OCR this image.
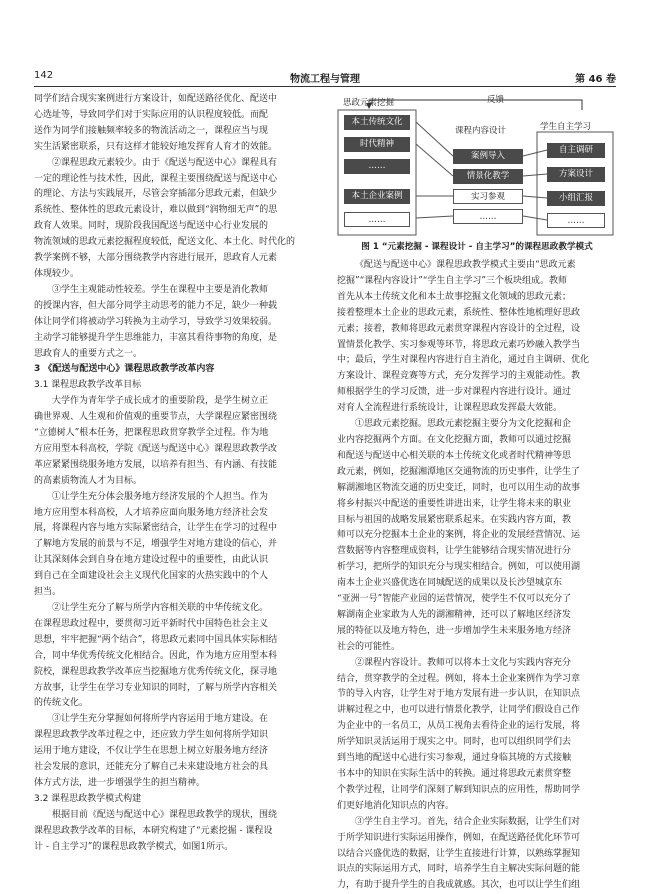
142	物流工程与管理	第 46 卷

同学们结合现实案例进行方案设计，如配送路径优化、配送中

心选址等，导致同学们对于实际应用的认识程度较低。而配

送作为同学们接触频率较多的物流活动之一，课程应当与现

实生活紧密联系，只有这样才能较好地发挥育人育才的效能。

②课程思政元素较少。由于《配送与配送中心》课程具有

一定的理论性与技术性，因此，课程主要围绕配送与配送中心

的理论、方法与实践展开，尽管会穿插部分思政元素，但缺少

系统性、整体性的思政元素设计，难以做到“润物细无声”的思

政育人效果。同时，现阶段我国配送与配送中心行业发展的

物流领域的思政元素挖掘程度较低，配送文化、本土化、时代化的

教学案例不够，大部分围绕教学内容进行展开，思政育人元素

体现较少。

③学生主观能动性较差。学生在课程中主要是消化教师

的授课内容，但大部分同学主动思考的能力不足，缺少一种载

体让同学们将被动学习转换为主动学习，导致学习效果较弱。

主动学习能够提升学生思维能力，丰富其看待事物的角度，是

思政育人的重要方式之一。

3 《配送与配送中心》课程思政教学改革内容

3.1 课程思政教学改革目标

大学作为青年学子成长成才的重要阶段，是学生树立正

确世界观、人生观和价值观的重要节点，大学课程应紧密围绕

“立德树人”根本任务，把课程思政贯穿教学全过程。作为地

方应用型本科高校，学院《配送与配送中心》课程思政教学改

革应紧紧围绕服务地方发展，以培养有担当、有内涵、有技能

的高素质物流人才为目标。

①让学生充分体会服务地方经济发展的个人担当。作为

地方应用型本科高校，人才培养应面向服务地方经济社会发

展，将课程内容与地方实际紧密结合，让学生在学习的过程中

了解地方发展的前景与不足，增强学生对地方建设的信心，并

让其深刻体会到自身在地方建设过程中的重要性，由此认识

到自己在全面建设社会主义现代化国家的火热实践中的个人

担当。

②让学生充分了解与所学内容相关联的中华传统文化。

在课程思政过程中，要贯彻习近平新时代中国特色社会主义

思想，牢牢把握“两个结合”，将思政元素同中国具体实际相结

合，同中华优秀传统文化相结合。因此，作为地方应用型本科

院校，课程思政教学改革应当挖掘地方优秀传统文化，探寻地

方故事，让学生在学习专业知识的同时，了解与所学内容相关

的传统文化。

③让学生充分掌握如何将所学内容运用于地方建设。在

课程思政教学改革过程之中，还应致力学生如何将所学知识

运用于地方建设，不仅让学生在思想上树立好服务地方经济

社会发展的意识，还能充分了解自己未来建设地方社会的具

体方式方法，进一步增强学生的担当精神。

3.2 课程思政教学模式构建

根据目前《配送与配送中心》课程思政教学的现状，围绕

课程思政教学改革的目标，本研究构建了“元素挖掘 - 课程设

计 - 自主学习”的课程思政教学模式，如图1所示。

思政元素挖掘	反馈
课程内容设计	学生自主学习
本土传统文化
时代精神
……
本土企业案例
……
案例导入
情景化教学
实习参观
……
自主调研
方案设计
小组汇报
……
图 1 “元素挖掘 - 课程设计 - 自主学习”的课程思政教学模式

《配送与配送中心》课程思政教学模式主要由“思政元素

挖掘”“课程内容设计”“学生自主学习”三个板块组成。教师

首先从本土传统文化和本土故事挖掘文化领域的思政元素；

接着整理本土企业的思政元素，系统性、整体性地梳理好思政

元素；接着，教师将思政元素贯穿课程内容设计的全过程，设

置情景化教学、实习参观等环节，将思政元素巧妙融入教学当

中；最后，学生对课程内容进行自主消化，通过自主调研、优化

方案设计、课程竞赛等方式，充分发挥学习的主观能动性。教

师根据学生的学习反馈，进一步对课程内容进行设计。通过

对育人全流程进行系统设计，让课程思政发挥最大效能。

①思政元素挖掘。思政元素挖掘主要分为文化挖掘和企

业内容挖掘两个方面。在文化挖掘方面，教师可以通过挖掘

和配送与配送中心相关联的本土传统文化或者时代精神等思

政元素，例如，挖掘湘潭地区交通物流的历史事件，让学生了

解湖湘地区物流交通的历史变迁，同时，也可以用生动的故事

将乡村振兴中配送的重要性讲进出来，让学生将未来的职业

目标与祖国的战略发展紧密联系起来。在实践内容方面，教

师可以充分挖掘本土企业的案例，将企业的发展经营情况、运

营数据等内容整理成资料，让学生能够结合现实情况进行分

析学习，把所学的知识充分与现实相结合。例如，可以使用湖

南本土企业兴盛优选在同城配送的成果以及长沙望城京东

“亚洲一号”智能产业园的运营情况，使学生不仅可以充分了

解湖南企业家敢为人先的湖湘精神，还可以了解地区经济发

展的特征以及地方特色，进一步增加学生未来服务地方经济

社会的可能性。

②课程内容设计。教师可以将本土文化与实践内容充分

结合，贯穿教学的全过程。例如，将本土企业案例作为学习章

节的导入内容，让学生对于地方发展有进一步认识，在知识点

讲解过程之中，也可以进行情景化教学，让同学们假设自己作

为企业中的一名员工，从员工视角去看待企业的运行发展，将

所学知识灵活运用于现实之中。同时，也可以组织同学们去

到当地的配送中心进行实习参观，通过身临其境的方式接触

书本中的知识在实际生活中的转换。通过将思政元素贯穿整

个教学过程，让同学们深刻了解到知识点的应用性，帮助同学

们更好地消化知识点的内容。

③学生自主学习。首先，结合企业实际数据，让学生们对

于所学知识进行实际运用操作，例如，在配送路径优化环节可

以结合兴盛优选的数据，让学生直接进行计算，以熟练掌握知

识点的实际运用方式，同时，培养学生自主解决实际问题的能

力，有助于提升学生的自我成就感。其次，也可以让学生们组
